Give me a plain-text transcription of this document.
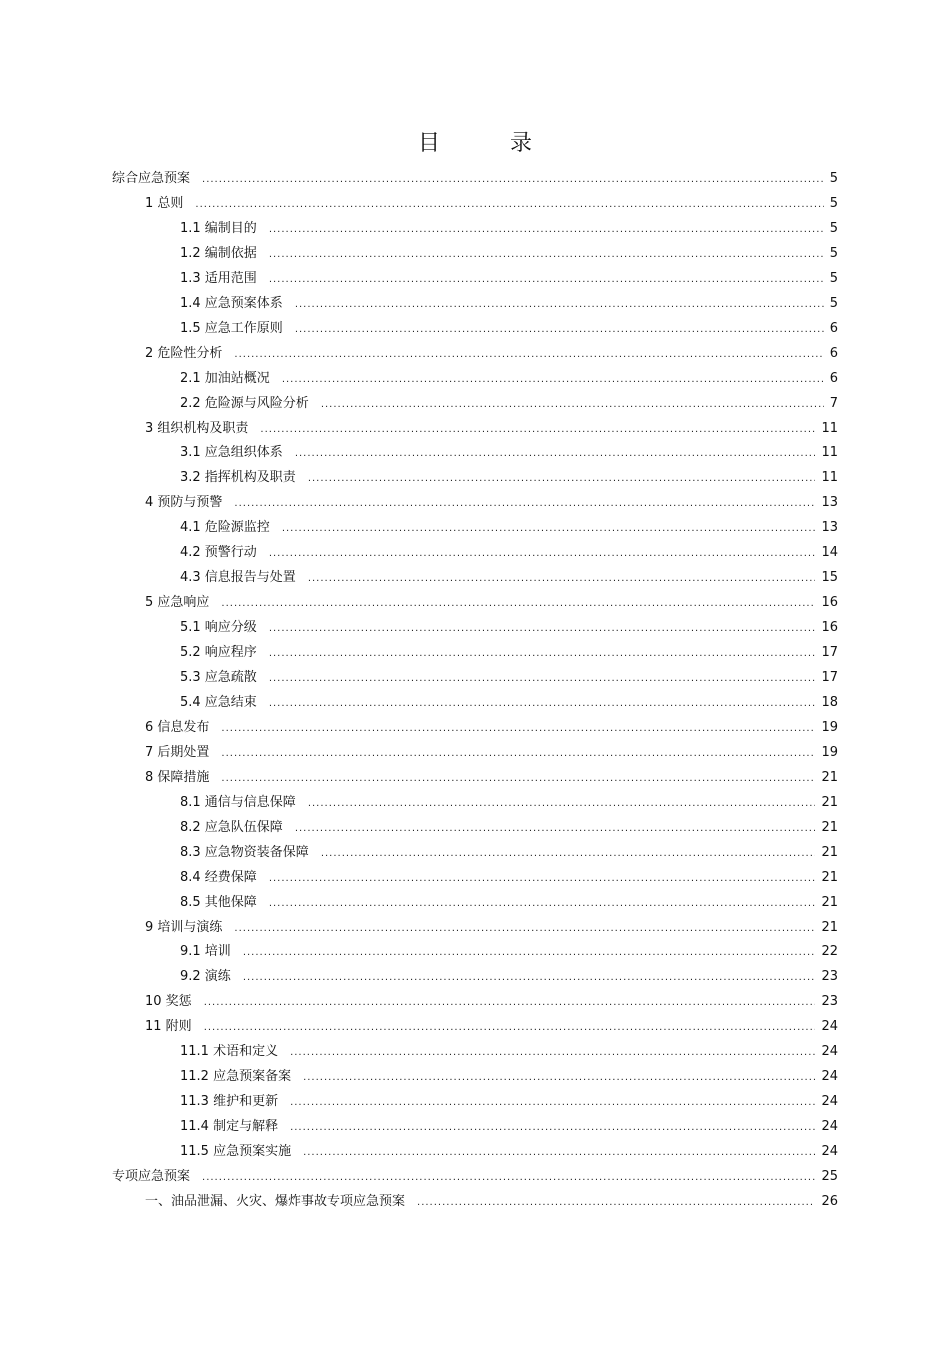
目　录
综合应急预案 .....	5
1 总则 .....	5
1.1 编制目的 .....	5
1.2 编制依据 .....	5
1.3 适用范围 .....	5
1.4 应急预案体系 .....	5
1.5 应急工作原则 .....	6
2 危险性分析 .....	6
2.1 加油站概况 .....	6
2.2 危险源与风险分析 .....	7
3 组织机构及职责 .....	11
3.1 应急组织体系 .....	11
3.2 指挥机构及职责 .....	11
4 预防与预警 .....	13
4.1 危险源监控 .....	13
4.2 预警行动 .....	14
4.3 信息报告与处置 .....	15
5 应急响应 .....	16
5.1 响应分级 .....	16
5.2 响应程序 .....	17
5.3 应急疏散 .....	17
5.4 应急结束 .....	18
6 信息发布 .....	19
7 后期处置 .....	19
8 保障措施 .....	21
8.1 通信与信息保障 .....	21
8.2 应急队伍保障 .....	21
8.3 应急物资装备保障 .....	21
8.4 经费保障 .....	21
8.5 其他保障 .....	21
9 培训与演练 .....	21
9.1 培训 .....	22
9.2 演练 .....	23
10 奖惩 .....	23
11 附则 .....	24
11.1 术语和定义 .....	24
11.2 应急预案备案 .....	24
11.3 维护和更新 .....	24
11.4 制定与解释 .....	24
11.5 应急预案实施 .....	24
专项应急预案 .....	25
一、油品泄漏、火灾、爆炸事故专项应急预案 .....	26
